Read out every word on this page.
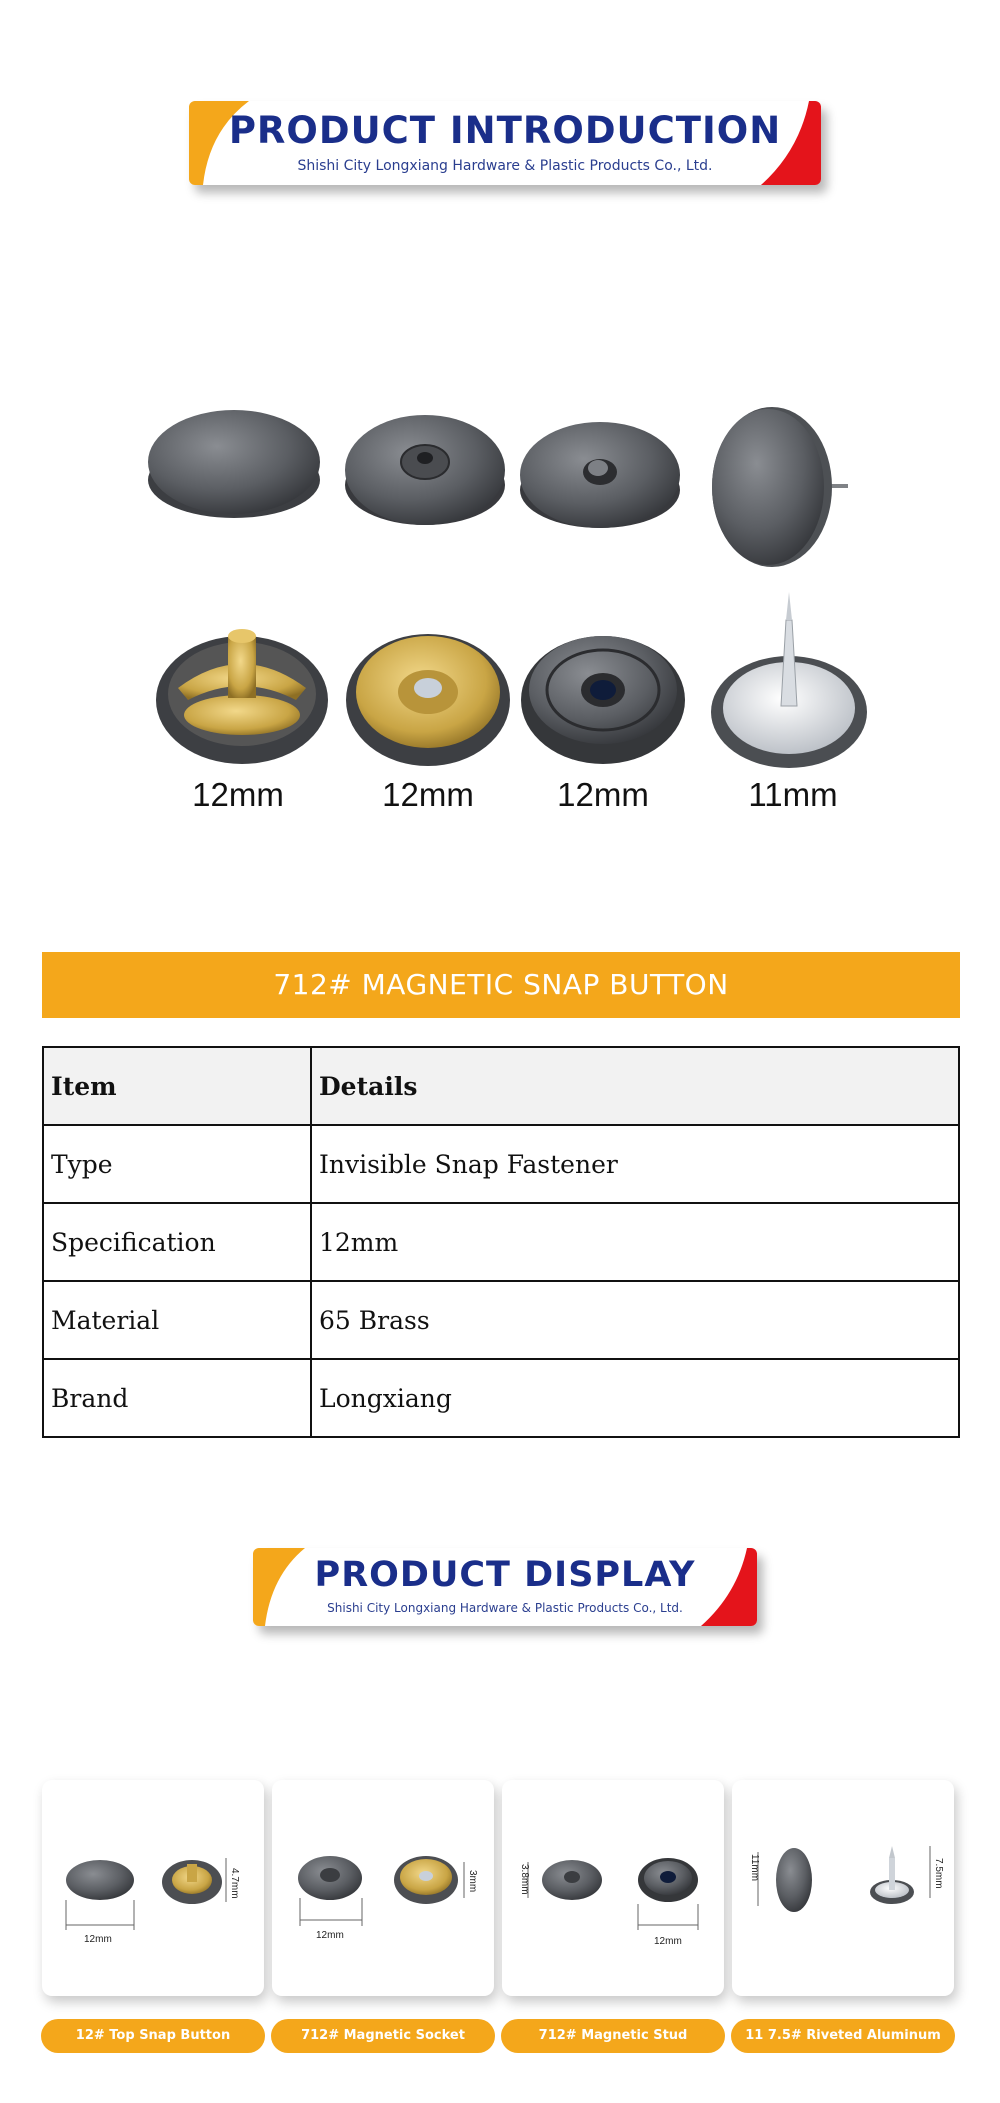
PRODUCT INTRODUCTION
Shishi City Longxiang Hardware & Plastic Products Co., Ltd.
12mm	12mm	12mm	11mm
712# MAGNETIC SNAP BUTTON
Item	Details
Type	Invisible Snap Fastener
Specification	12mm
Material	65 Brass
Brand	Longxiang
PRODUCT DISPLAY
Shishi City Longxiang Hardware & Plastic Products Co., Ltd.
12mm
4.7mm
12mm
3mm	3.8mm
12mm
11mm	7.5mm
12# Top Snap Button	712# Magnetic Socket	712# Magnetic Stud	11 7.5# Riveted Aluminum Stud
